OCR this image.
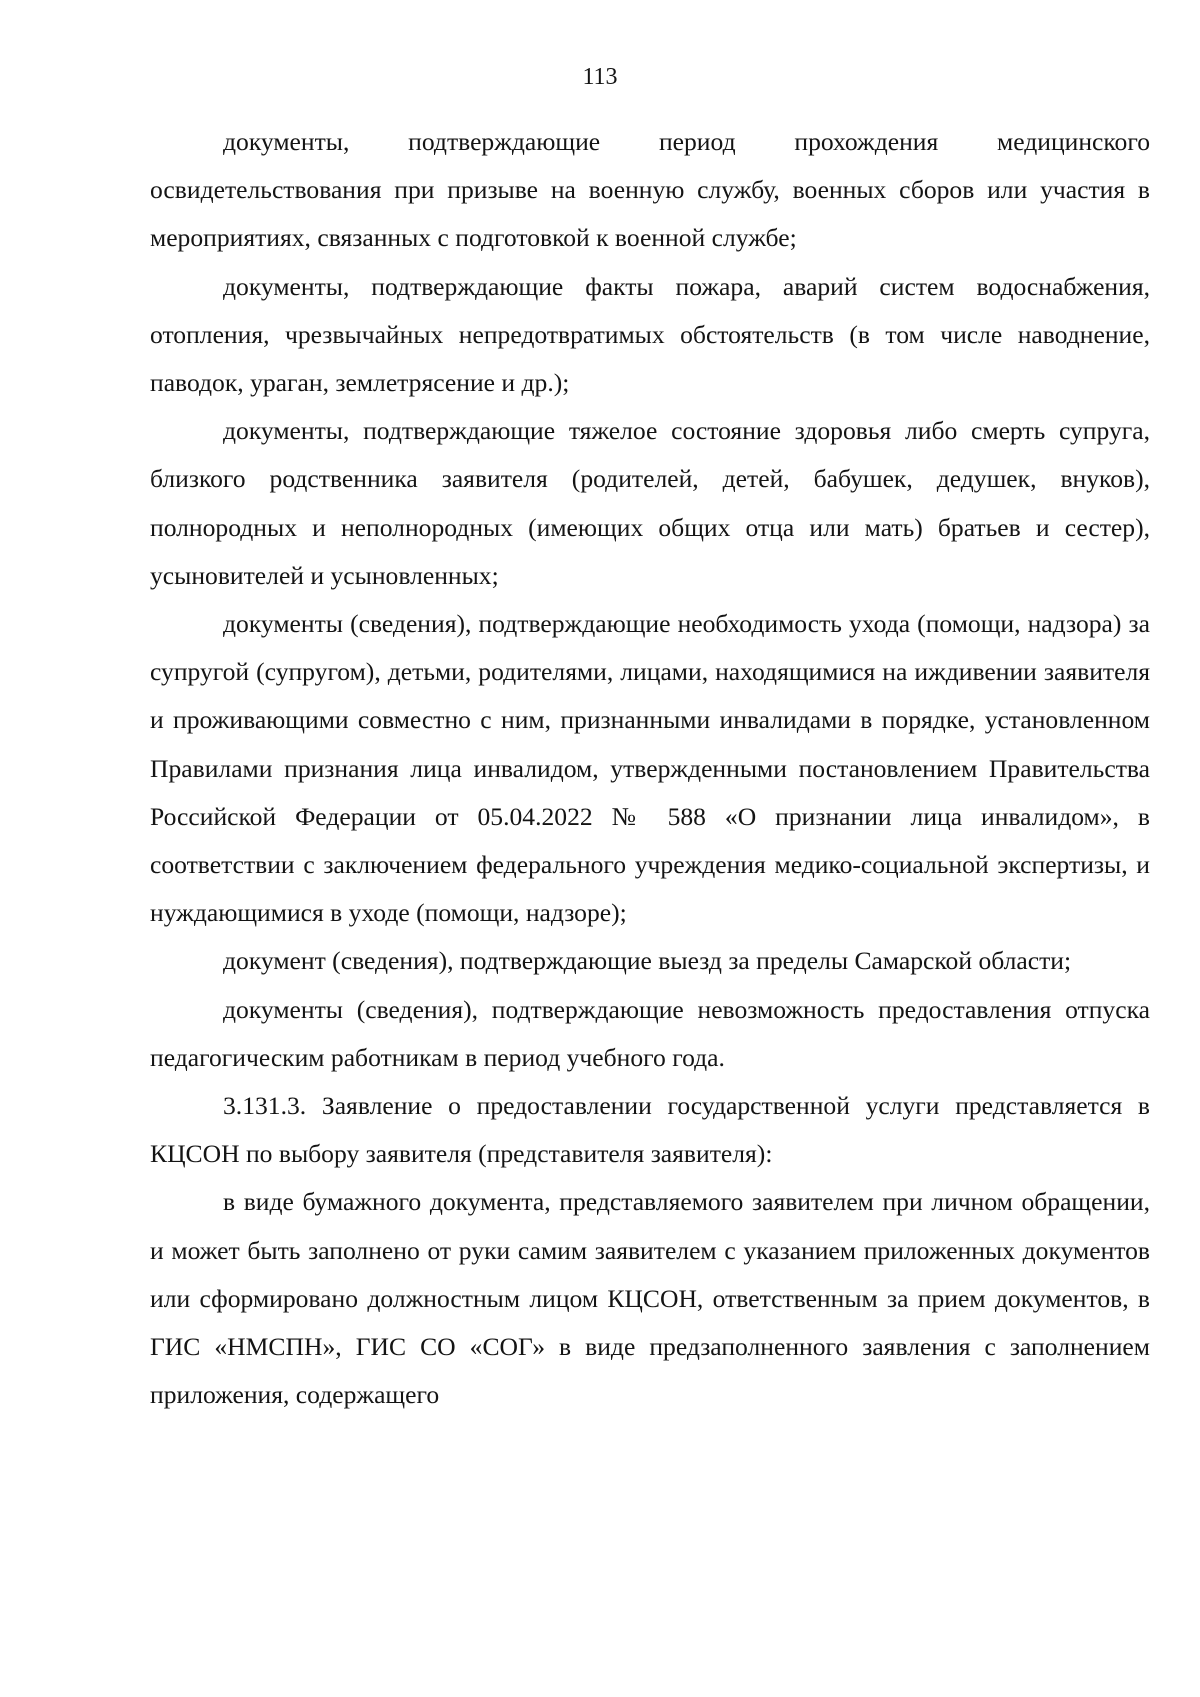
113

документы, подтверждающие период прохождения медицинского освидетельствования при призыве на военную службу, военных сборов или участия в мероприятиях, связанных с подготовкой к военной службе;

документы, подтверждающие факты пожара, аварий систем водоснабжения, отопления, чрезвычайных непредотвратимых обстоятельств (в том числе наводнение, паводок, ураган, землетрясение и др.);

документы, подтверждающие тяжелое состояние здоровья либо смерть супруга, близкого родственника заявителя (родителей, детей, бабушек, дедушек, внуков), полнородных и неполнородных (имеющих общих отца или мать) братьев и сестер), усыновителей и усыновленных;

документы (сведения), подтверждающие необходимость ухода (помощи, надзора) за супругой (супругом), детьми, родителями, лицами, находящимися на иждивении заявителя и проживающими совместно с ним, признанными инвалидами в порядке, установленном Правилами признания лица инвалидом, утвержденными постановлением Правительства Российской Федерации от 05.04.2022 № 588 «О признании лица инвалидом», в соответствии с заключением федерального учреждения медико-социальной экспертизы, и нуждающимися в уходе (помощи, надзоре);

документ (сведения), подтверждающие выезд за пределы Самарской области;

документы (сведения), подтверждающие невозможность предоставления отпуска педагогическим работникам в период учебного года.

3.131.3. Заявление о предоставлении государственной услуги представляется в КЦСОН по выбору заявителя (представителя заявителя):

в виде бумажного документа, представляемого заявителем при личном обращении, и может быть заполнено от руки самим заявителем с указанием приложенных документов или сформировано должностным лицом КЦСОН, ответственным за прием документов, в ГИС «НМСПН», ГИС СО «СОГ» в виде предзаполненного заявления с заполнением приложения, содержащего
